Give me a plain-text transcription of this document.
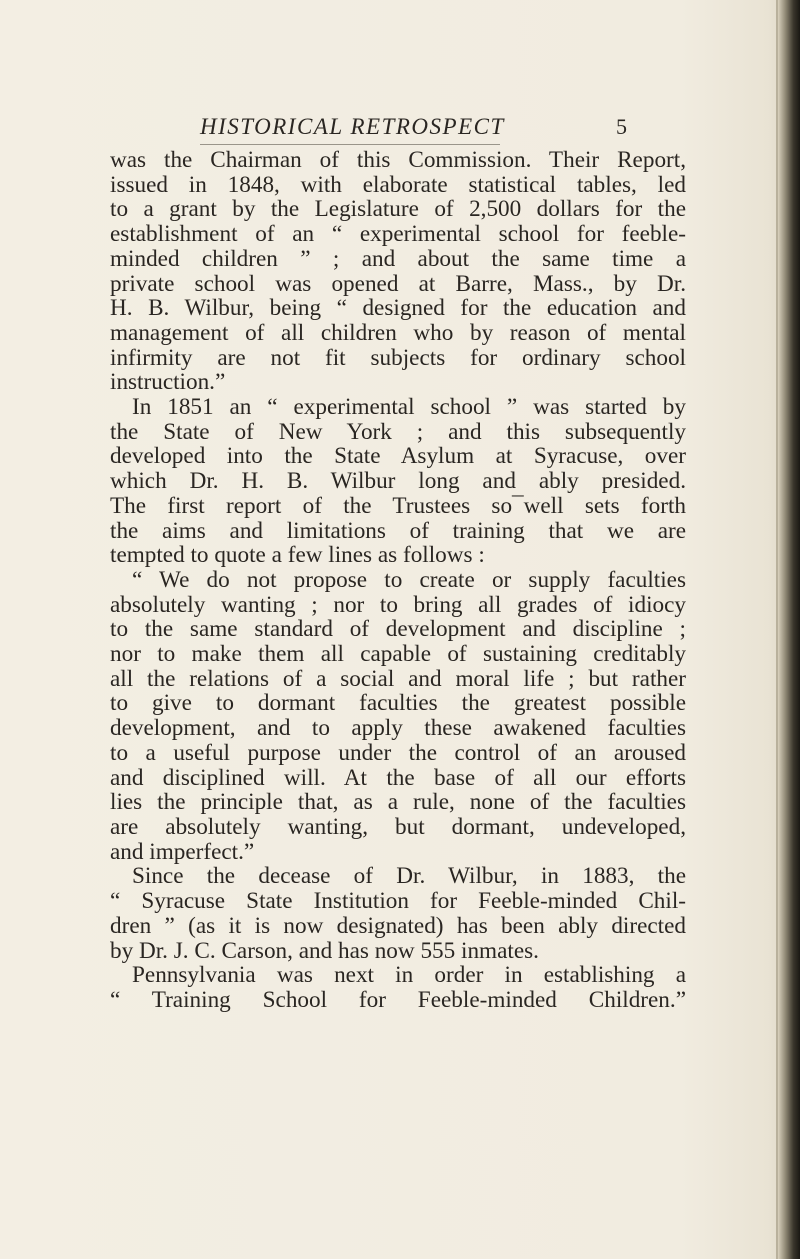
HISTORICAL RETROSPECT	5
was the Chairman of this Commission. Their Report,
issued in 1848, with elaborate statistical tables, led
to a grant by the Legislature of 2,500 dollars for the
establishment of an “ experimental school for feeble-
minded children ” ; and about the same time a
private school was opened at Barre, Mass., by Dr.
H. B. Wilbur, being “ designed for the education and
management of all children who by reason of mental
infirmity are not fit subjects for ordinary school
instruction.”
In 1851 an “ experimental school ” was started by
the State of New York ; and this subsequently
developed into the State Asylum at Syracuse, over
which Dr. H. B. Wilbur long and ably presided.
The first report of the Trustees so¯well sets forth
the aims and limitations of training that we are
tempted to quote a few lines as follows :
“ We do not propose to create or supply faculties
absolutely wanting ; nor to bring all grades of idiocy
to the same standard of development and discipline ;
nor to make them all capable of sustaining creditably
all the relations of a social and moral life ; but rather
to give to dormant faculties the greatest possible
development, and to apply these awakened faculties
to a useful purpose under the control of an aroused
and disciplined will. At the base of all our efforts
lies the principle that, as a rule, none of the faculties
are absolutely wanting, but dormant, undeveloped,
and imperfect.”
Since the decease of Dr. Wilbur, in 1883, the
“ Syracuse State Institution for Feeble-minded Chil-
dren ” (as it is now designated) has been ably directed
by Dr. J. C. Carson, and has now 555 inmates.
Pennsylvania was next in order in establishing a
“ Training School for Feeble-minded Children.”
